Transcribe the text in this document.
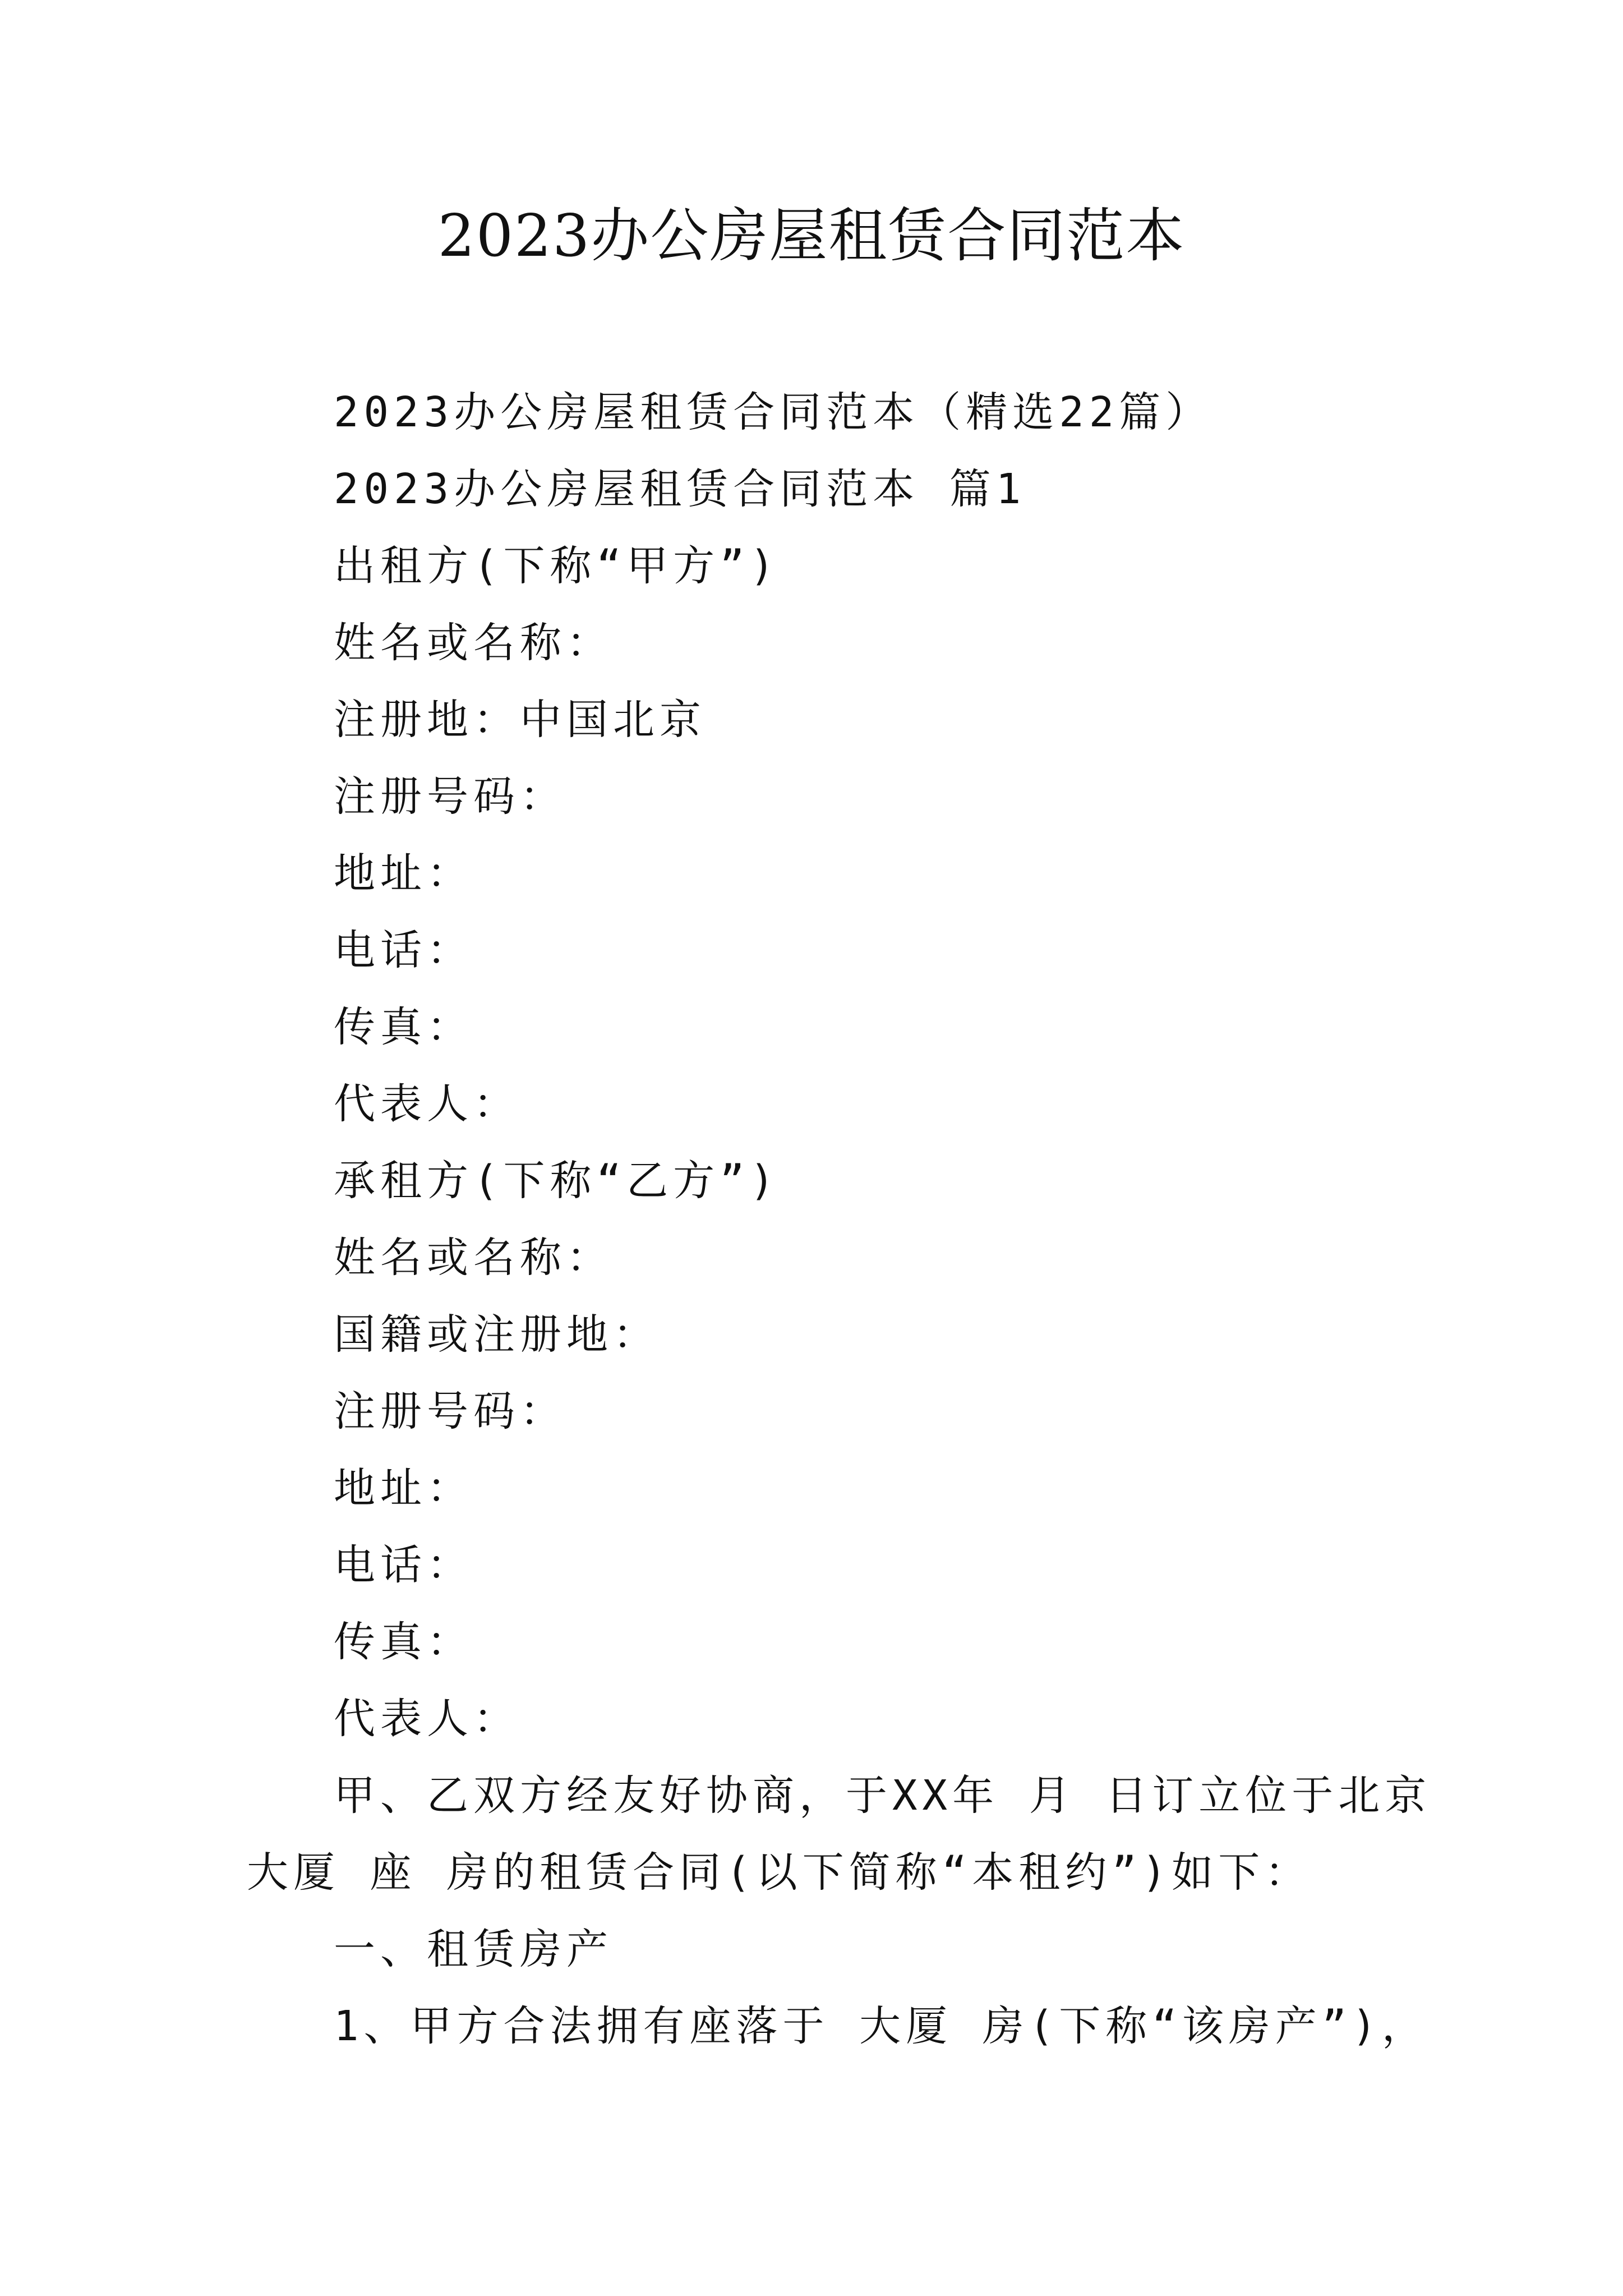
2023办公房屋租赁合同范本
2023办公房屋租赁合同范本（精选22篇）
2023办公房屋租赁合同范本 篇1
出租方(下称“甲方”)
姓名或名称：
注册地：中国北京
注册号码：
地址：
电话：
传真：
代表人：
承租方(下称“乙方”)
姓名或名称：
国籍或注册地：
注册号码：
地址：
电话：
传真：
代表人：
甲、乙双方经友好协商，于XX年 月 日订立位于北京
大厦 座 房的租赁合同(以下简称“本租约”)如下：
一、租赁房产
1、甲方合法拥有座落于 大厦 房(下称“该房产”)，
